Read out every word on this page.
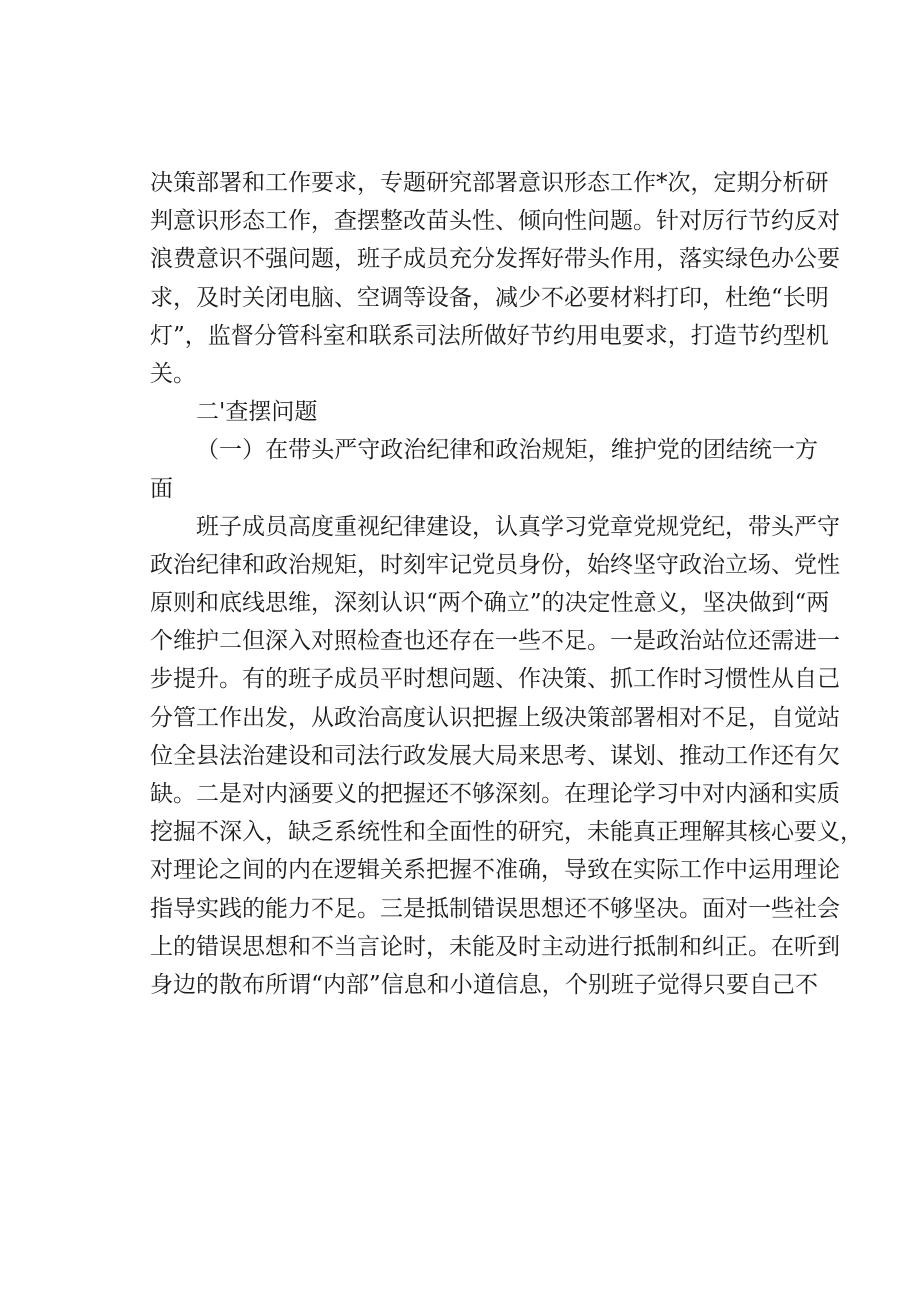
决策部署和工作要求，专题研究部署意识形态工作*次，定期分析研
判意识形态工作，查摆整改苗头性、倾向性问题。针对厉行节约反对
浪费意识不强问题，班子成员充分发挥好带头作用，落实绿色办公要
求，及时关闭电脑、空调等设备，减少不必要材料打印，杜绝“长明
灯”，监督分管科室和联系司法所做好节约用电要求，打造节约型机
关。
二'查摆问题
（一）在带头严守政治纪律和政治规矩，维护党的团结统一方
面
班子成员高度重视纪律建设，认真学习党章党规党纪，带头严守
政治纪律和政治规矩，时刻牢记党员身份，始终坚守政治立场、党性
原则和底线思维，深刻认识“两个确立”的决定性意义，坚决做到“两
个维护二但深入对照检查也还存在一些不足。一是政治站位还需进一
步提升。有的班子成员平时想问题、作决策、抓工作时习惯性从自己
分管工作出发，从政治高度认识把握上级决策部署相对不足，自觉站
位全县法治建设和司法行政发展大局来思考、谋划、推动工作还有欠
缺。二是对内涵要义的把握还不够深刻。在理论学习中对内涵和实质
挖掘不深入，缺乏系统性和全面性的研究，未能真正理解其核心要义，
对理论之间的内在逻辑关系把握不准确，导致在实际工作中运用理论
指导实践的能力不足。三是抵制错误思想还不够坚决。面对一些社会
上的错误思想和不当言论时，未能及时主动进行抵制和纠正。在听到
身边的散布所谓“内部”信息和小道信息，个别班子觉得只要自己不
